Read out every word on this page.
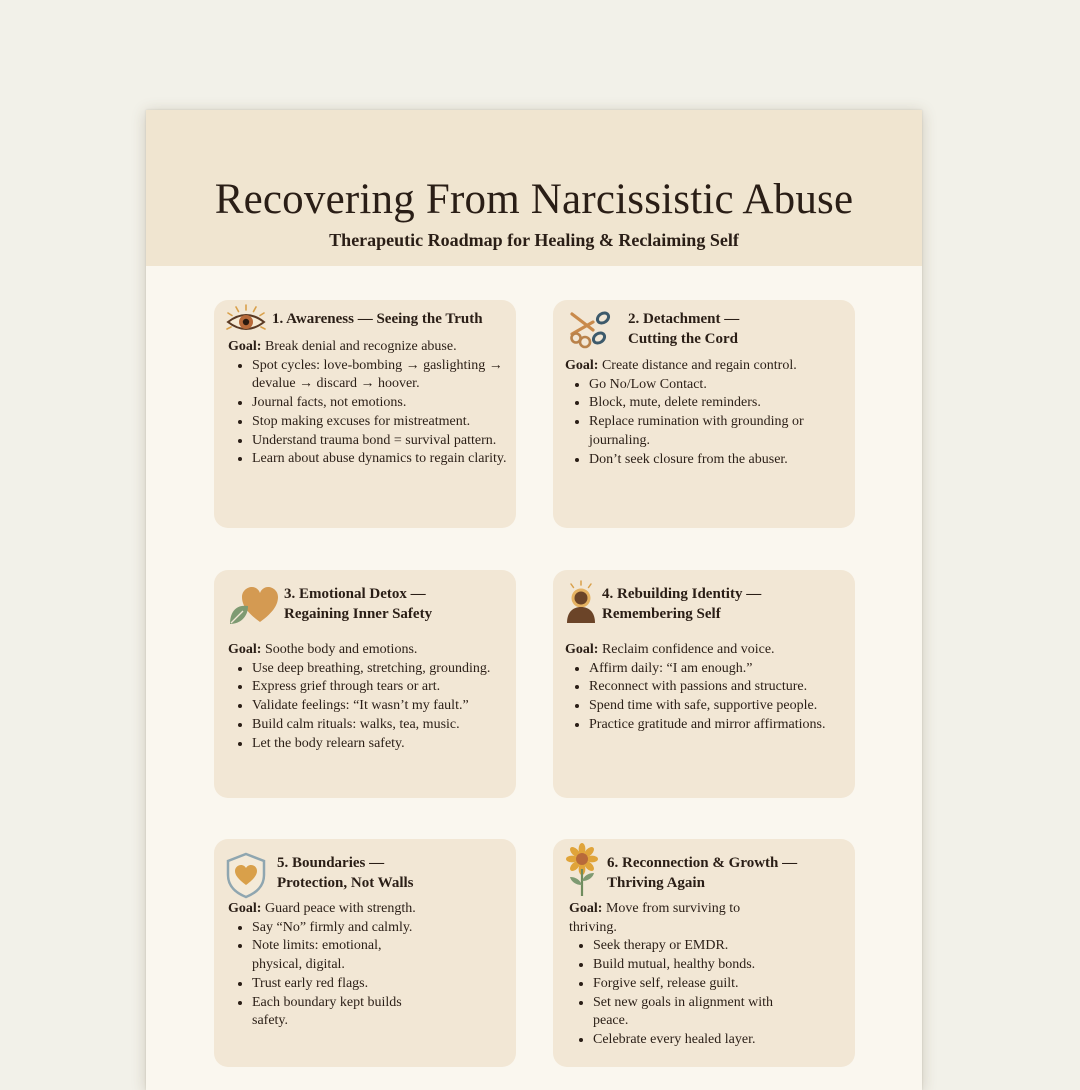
Recovering From Narcissistic Abuse
Therapeutic Roadmap for Healing & Reclaiming Self
1. Awareness — Seeing the Truth
Goal: Break denial and recognize abuse.
• Spot cycles: love-bombing → gaslighting → devalue → discard → hoover.
• Journal facts, not emotions.
• Stop making excuses for mistreatment.
• Understand trauma bond = survival pattern.
• Learn about abuse dynamics to regain clarity.
2. Detachment —
Cutting the Cord
Goal: Create distance and regain control.
• Go No/Low Contact.
• Block, mute, delete reminders.
• Replace rumination with grounding or journaling.
• Don’t seek closure from the abuser.
3. Emotional Detox —
Regaining Inner Safety
Goal: Soothe body and emotions.
• Use deep breathing, stretching, grounding.
• Express grief through tears or art.
• Validate feelings: “It wasn’t my fault.”
• Build calm rituals: walks, tea, music.
• Let the body relearn safety.
4. Rebuilding Identity —
Remembering Self
Goal: Reclaim confidence and voice.
• Affirm daily: “I am enough.”
• Reconnect with passions and structure.
• Spend time with safe, supportive people.
• Practice gratitude and mirror affirmations.
5. Boundaries —
Protection, Not Walls
Goal: Guard peace with strength.
• Say “No” firmly and calmly.
• Note limits: emotional, physical, digital.
• Trust early red flags.
• Each boundary kept builds safety.
6. Reconnection & Growth —
Thriving Again
Goal: Move from surviving to thriving.
• Seek therapy or EMDR.
• Build mutual, healthy bonds.
• Forgive self, release guilt.
• Set new goals in alignment with peace.
• Celebrate every healed layer.
